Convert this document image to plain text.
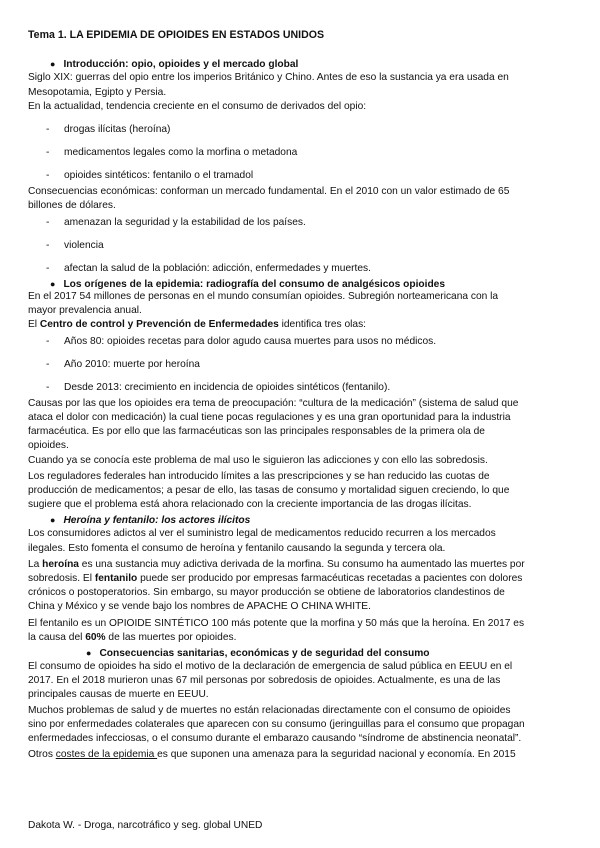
Tema 1. LA EPIDEMIA DE OPIOIDES EN ESTADOS UNIDOS
● Introducción: opio, opioides y el mercado global
Siglo XIX: guerras del opio entre los imperios Británico y Chino. Antes de eso la sustancia ya era usada en
Mesopotamia, Egipto y Persia.
En la actualidad, tendencia creciente en el consumo de derivados del opio:
- drogas ilícitas (heroína)
- medicamentos legales como la morfina o metadona
- opioides sintéticos: fentanilo o el tramadol
Consecuencias económicas: conforman un mercado fundamental. En el 2010 con un valor estimado de 65
billones de dólares.
- amenazan la seguridad y la estabilidad de los países.
- violencia
- afectan la salud de la población: adicción, enfermedades y muertes.
● Los orígenes de la epidemia: radiografía del consumo de analgésicos opioides
En el 2017 54 millones de personas en el mundo consumían opioides. Subregión norteamericana con la
mayor prevalencia anual.
El Centro de control y Prevención de Enfermedades identifica tres olas:
- Años 80: opioides recetas para dolor agudo causa muertes para usos no médicos.
- Año 2010: muerte por heroína
- Desde 2013: crecimiento en incidencia de opioides sintéticos (fentanilo).
Causas por las que los opioides era tema de preocupación: “cultura de la medicación” (sistema de salud que
ataca el dolor con medicación) la cual tiene pocas regulaciones y es una gran oportunidad para la industria
farmacéutica. Es por ello que las farmacéuticas son las principales responsables de la primera ola de
opioides.
Cuando ya se conocía este problema de mal uso le siguieron las adicciones y con ello las sobredosis.
Los reguladores federales han introducido límites a las prescripciones y se han reducido las cuotas de
producción de medicamentos; a pesar de ello, las tasas de consumo y mortalidad siguen creciendo, lo que
sugiere que el problema está ahora relacionado con la creciente importancia de las drogas ilícitas.
● Heroína y fentanilo: los actores ilícitos
Los consumidores adictos al ver el suministro legal de medicamentos reducido recurren a los mercados
ilegales. Esto fomenta el consumo de heroína y fentanilo causando la segunda y tercera ola.
La heroína es una sustancia muy adictiva derivada de la morfina. Su consumo ha aumentado las muertes por
sobredosis. El fentanilo puede ser producido por empresas farmacéuticas recetadas a pacientes con dolores
crónicos o postoperatorios. Sin embargo, su mayor producción se obtiene de laboratorios clandestinos de
China y México y se vende bajo los nombres de APACHE O CHINA WHITE.
El fentanilo es un OPIOIDE SINTÉTICO 100 más potente que la morfina y 50 más que la heroína. En 2017 es
la causa del 60% de las muertes por opioides.
● Consecuencias sanitarias, económicas y de seguridad del consumo
El consumo de opioides ha sido el motivo de la declaración de emergencia de salud pública en EEUU en el
2017. En el 2018 murieron unas 67 mil personas por sobredosis de opioides. Actualmente, es una de las
principales causas de muerte en EEUU.
Muchos problemas de salud y de muertes no están relacionadas directamente con el consumo de opioides
sino por enfermedades colaterales que aparecen con su consumo (jeringuillas para el consumo que propagan
enfermedades infecciosas, o el consumo durante el embarazo causando “síndrome de abstinencia neonatal”.
Otros costes de la epidemia es que suponen una amenaza para la seguridad nacional y economía. En 2015
Dakota W. - Droga, narcotráfico y seg. global UNED
